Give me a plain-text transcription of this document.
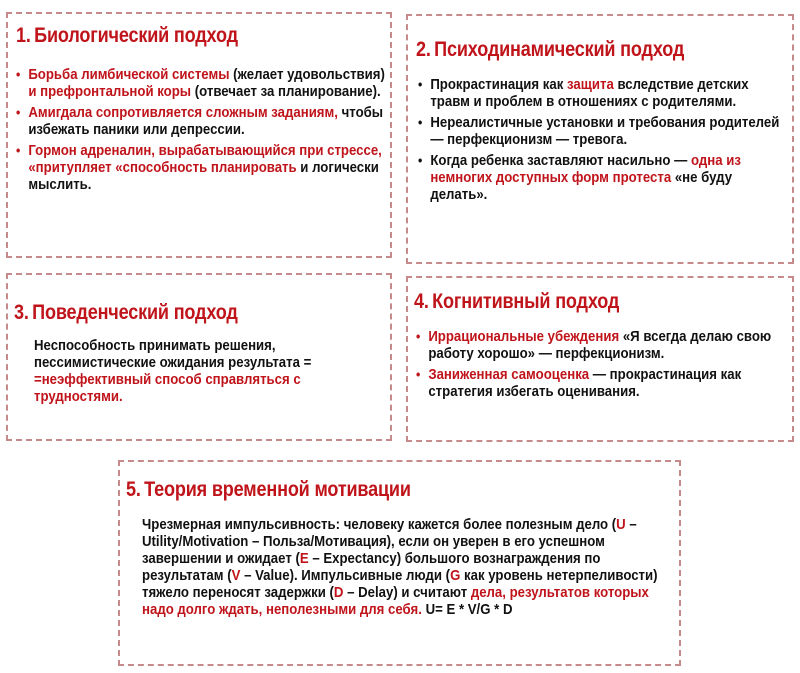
1. Биологический подход
• Борьба лимбической системы (желает удовольствия) и префронтальной коры (отвечает за планирование).
• Амигдала сопротивляется сложным заданиям, чтобы избежать паники или депрессии.
• Гормон адреналин, вырабатывающийся при стрессе, «притупляет «способность планировать и логически мыслить.
2. Психодинамический подход
• Прокрастинация как защита вследствие детских травм и проблем в отношениях с родителями.
• Нереалистичные установки и требования родителей — перфекционизм — тревога.
• Когда ребенка заставляют насильно — одна из немногих доступных форм протеста «не буду делать».
3. Поведенческий подход
Неспособность принимать решения, пессимистические ожидания результата =
=неэффективный способ справляться с трудностями.
4. Когнитивный подход
• Иррациональные убеждения «Я всегда делаю свою работу хорошо» — перфекционизм.
• Заниженная самооценка — прокрастинация как стратегия избегать оценивания.
5. Теория временной мотивации
Чрезмерная импульсивность: человеку кажется более полезным дело (U – Utility/Motivation – Польза/Мотивация), если он уверен в его успешном завершении и ожидает (E – Expectancy) большого вознаграждения по результатам (V – Value). Импульсивные люди (G как уровень нетерпеливости) тяжело переносят задержки (D – Delay) и считают дела, результатов которых надо долго ждать, неполезными для себя. U= E * V/G * D
